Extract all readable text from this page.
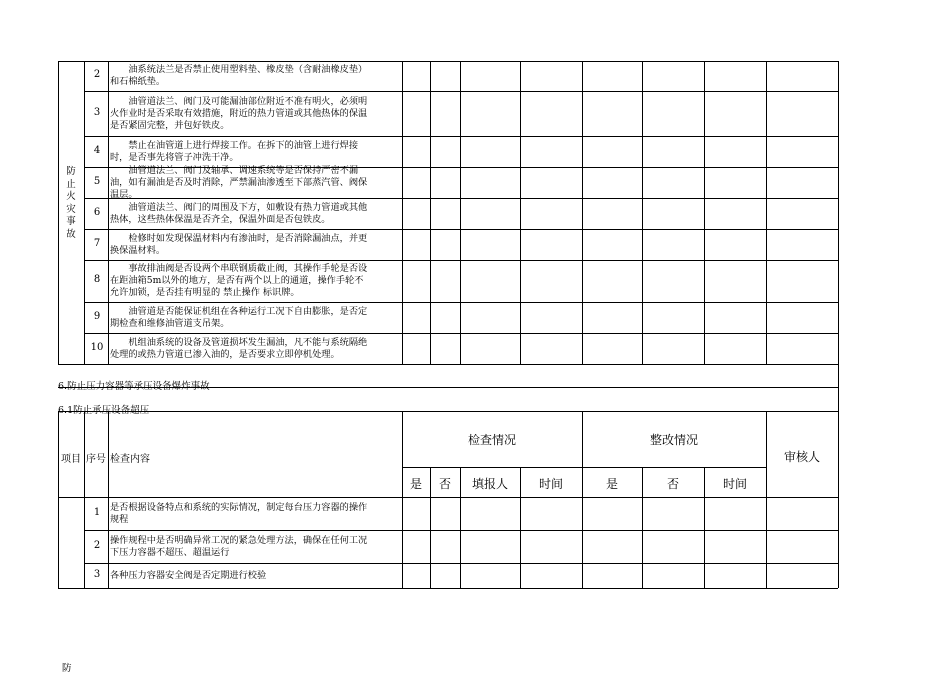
防
止
火
灾
事
故
2	　　油系统法兰是否禁止使用塑料垫、橡皮垫（含耐油橡皮垫）
和石棉纸垫。
3
　　油管道法兰、阀门及可能漏油部位附近不准有明火，必须明
火作业时是否采取有效措施，附近的热力管道或其他热体的保温
是否紧固完整，并包好铁皮。
4	　　禁止在油管道上进行焊接工作。在拆下的油管上进行焊接
时，是否事先将管子冲洗干净。
5
　　油管道法兰、阀门及轴承、调速系统等是否保持严密不漏
油，如有漏油是否及时消除，严禁漏油渗透至下部蒸汽管、阀保
温层。
6	　　油管道法兰、阀门的周围及下方，如敷设有热力管道或其他
热体，这些热体保温是否齐全，保温外面是否包铁皮。
7	　　检修时如发现保温材料内有渗油时，是否消除漏油点，并更
换保温材料。
8
　　事故排油阀是否设两个串联钢质截止阀，其操作手轮是否设
在距油箱5m以外的地方，是否有两个以上的通道，操作手轮不
允许加锁，是否挂有明显的 禁止操作 标识牌。
9	　　油管道是否能保证机组在各种运行工况下自由膨胀，是否定
期检查和维修油管道支吊架。
10 　　机组油系统的设备及管道损坏发生漏油，凡不能与系统隔绝
处理的或热力管道已渗入油的，是否要求立即停机处理。
6.防止压力容器等承压设备爆炸事故
6.1防止承压设备超压
项目 序号 检查内容
检查情况	整改情况
审核人
是	否	填报人	时间	是	否	时间
1	是否根据设备特点和系统的实际情况，制定每台压力容器的操作
规程
2	操作规程中是否明确异常工况的紧急处理方法，确保在任何工况
下压力容器不超压、超温运行
3	各种压力容器安全阀是否定期进行校验
防
